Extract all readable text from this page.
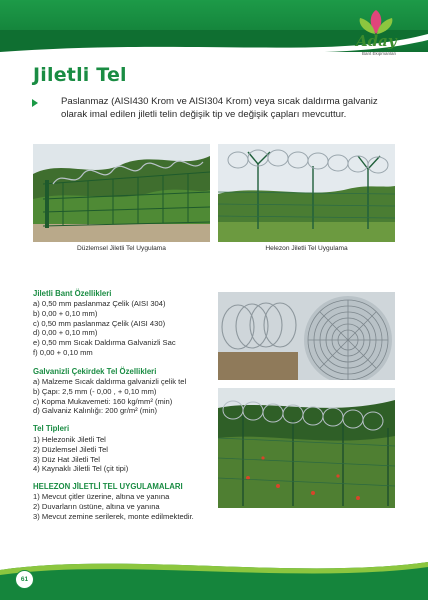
Aday
Bant Ekipmanları
Jiletli Tel
Paslanmaz (AISI430 Krom ve AISI304 Krom) veya sıcak daldırma galvaniz olarak imal edilen jiletli telin değişik tip ve değişik çapları mevcuttur.
Düzlemsel Jiletli Tel Uygulama	Helezon Jiletli Tel Uygulama
Jiletli Bant Özellikleri
a) 0,50 mm paslanmaz Çelik (AISI 304)
b) 0,00 + 0,10 mm)
c) 0,50 mm paslanmaz Çelik (AISI 430)
d) 0,00 + 0,10 mm)
e) 0,50 mm Sıcak Daldırma Galvanizli Sac
f) 0,00 + 0,10 mm
Galvanizli Çekirdek Tel Özellikleri
a) Malzeme Sıcak daldırma galvanizli çelik tel
b) Çapı: 2,5 mm (- 0,00 , + 0,10 mm)
c) Kopma Mukavemeti: 160 kg/mm² (min)
d) Galvaniz Kalınlığı: 200 gr/m² (min)
Tel Tipleri
1) Helezonik Jiletli Tel
2) Düzlemsel Jiletli Tel
3) Düz Hat Jiletli Tel
4) Kaynaklı Jiletli Tel (çit tipi)
HELEZON JİLETLİ TEL UYGULAMALARI
1) Mevcut çitler üzerine, altına ve yanına
2) Duvarların üstüne, altına ve yanına
3) Mevcut zemine serilerek, monte edilmektedir.
61
